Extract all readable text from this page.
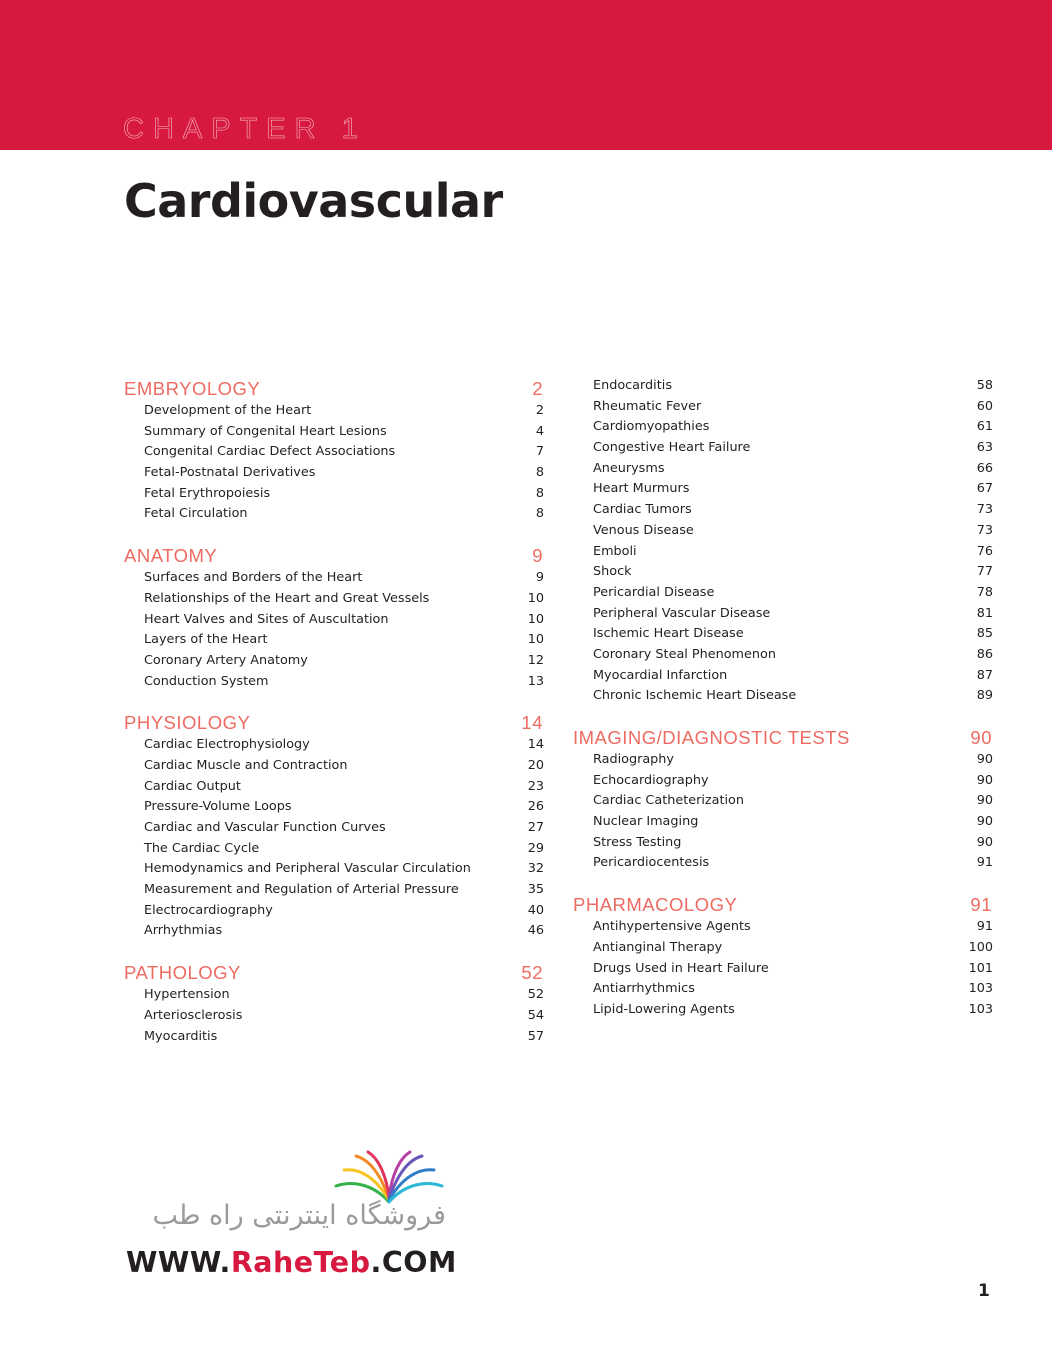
CHAPTER 1
Cardiovascular
EMBRYOLOGY	2
Development of the Heart	2
Summary of Congenital Heart Lesions	4
Congenital Cardiac Defect Associations	7
Fetal-Postnatal Derivatives	8
Fetal Erythropoiesis	8
Fetal Circulation	8
ANATOMY	9
Surfaces and Borders of the Heart	9
Relationships of the Heart and Great Vessels	10
Heart Valves and Sites of Auscultation	10
Layers of the Heart	10
Coronary Artery Anatomy	12
Conduction System	13
PHYSIOLOGY	14
Cardiac Electrophysiology	14
Cardiac Muscle and Contraction	20
Cardiac Output	23
Pressure-Volume Loops	26
Cardiac and Vascular Function Curves	27
The Cardiac Cycle	29
Hemodynamics and Peripheral Vascular Circulation	32
Measurement and Regulation of Arterial Pressure	35
Electrocardiography	40
Arrhythmias	46
PATHOLOGY	52
Hypertension	52
Arteriosclerosis	54
Myocarditis	57
Endocarditis	58
Rheumatic Fever	60
Cardiomyopathies	61
Congestive Heart Failure	63
Aneurysms	66
Heart Murmurs	67
Cardiac Tumors	73
Venous Disease	73
Emboli	76
Shock	77
Pericardial Disease	78
Peripheral Vascular Disease	81
Ischemic Heart Disease	85
Coronary Steal Phenomenon	86
Myocardial Infarction	87
Chronic Ischemic Heart Disease	89
IMAGING/DIAGNOSTIC TESTS	90
Radiography	90
Echocardiography	90
Cardiac Catheterization	90
Nuclear Imaging	90
Stress Testing	90
Pericardiocentesis	91
PHARMACOLOGY	91
Antihypertensive Agents	91
Antianginal Therapy	100
Drugs Used in Heart Failure	101
Antiarrhythmics	103
Lipid-Lowering Agents	103
فروشگاه اینترنتی راه طب
WWW.RaheTeb.COM
1
